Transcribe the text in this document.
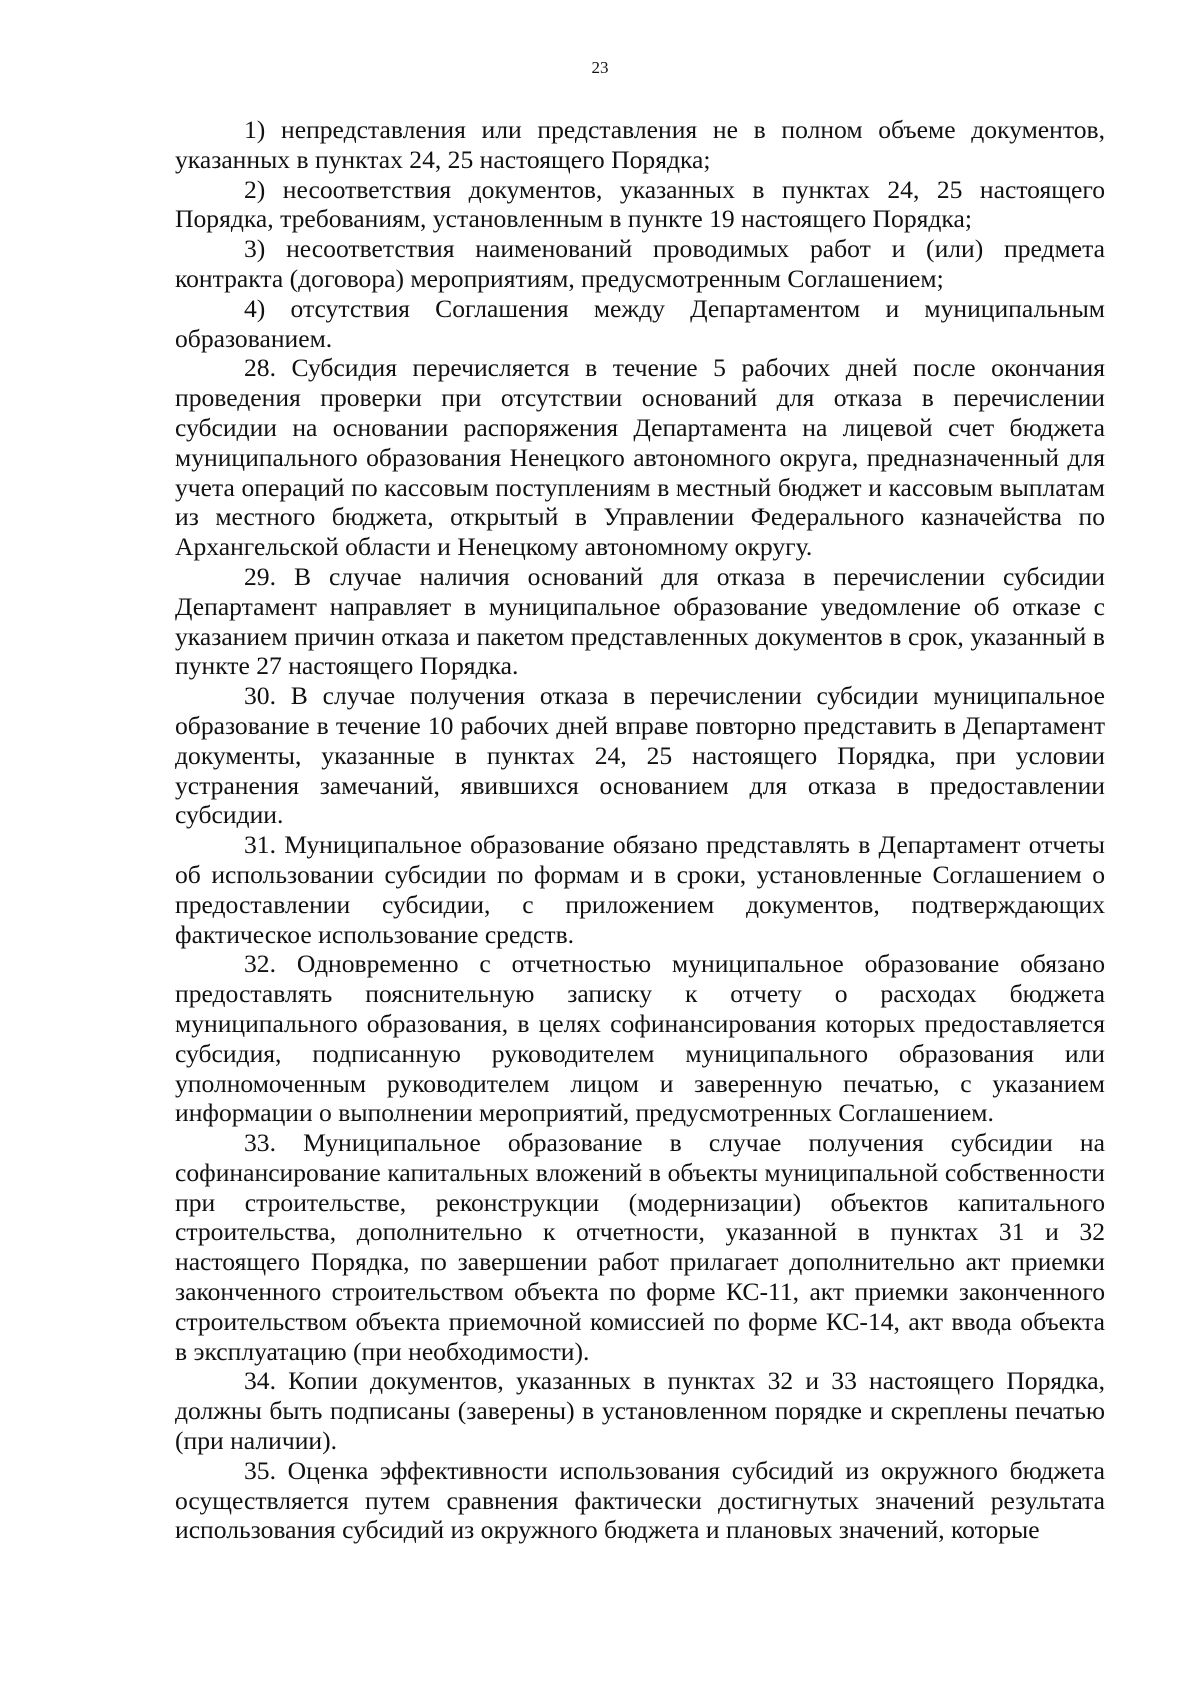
23

1) непредставления или представления не в полном объеме документов, указанных в пунктах 24, 25 настоящего Порядка;

2) несоответствия документов, указанных в пунктах 24, 25 настоящего Порядка, требованиям, установленным в пункте 19 настоящего Порядка;

3) несоответствия наименований проводимых работ и (или) предмета контракта (договора) мероприятиям, предусмотренным Соглашением;

4) отсутствия Соглашения между Департаментом и муниципальным образованием.

28. Субсидия перечисляется в течение 5 рабочих дней после окончания проведения проверки при отсутствии оснований для отказа в перечислении субсидии на основании распоряжения Департамента на лицевой счет бюджета муниципального образования Ненецкого автономного округа, предназначенный для учета операций по кассовым поступлениям в местный бюджет и кассовым выплатам из местного бюджета, открытый в Управлении Федерального казначейства по Архангельской области и Ненецкому автономному округу.

29. В случае наличия оснований для отказа в перечислении субсидии Департамент направляет в муниципальное образование уведомление об отказе с указанием причин отказа и пакетом представленных документов в срок, указанный в пункте 27 настоящего Порядка.

30. В случае получения отказа в перечислении субсидии муниципальное образование в течение 10 рабочих дней вправе повторно представить в Департамент документы, указанные в пунктах 24, 25 настоящего Порядка, при условии устранения замечаний, явившихся основанием для отказа в предоставлении субсидии.

31. Муниципальное образование обязано представлять в Департамент отчеты об использовании субсидии по формам и в сроки, установленные Соглашением о предоставлении субсидии, с приложением документов, подтверждающих фактическое использование средств.

32. Одновременно с отчетностью муниципальное образование обязано предоставлять пояснительную записку к отчету о расходах бюджета муниципального образования, в целях софинансирования которых предоставляется субсидия, подписанную руководителем муниципального образования или уполномоченным руководителем лицом и заверенную печатью, с указанием информации о выполнении мероприятий, предусмотренных Соглашением.

33. Муниципальное образование в случае получения субсидии на софинансирование капитальных вложений в объекты муниципальной собственности при строительстве, реконструкции (модернизации) объектов капитального строительства, дополнительно к отчетности, указанной в пунктах 31 и 32 настоящего Порядка, по завершении работ прилагает дополнительно акт приемки законченного строительством объекта по форме КС-11, акт приемки законченного строительством объекта приемочной комиссией по форме КС-14, акт ввода объекта в эксплуатацию (при необходимости).

34. Копии документов, указанных в пунктах 32 и 33 настоящего Порядка, должны быть подписаны (заверены) в установленном порядке и скреплены печатью (при наличии).

35. Оценка эффективности использования субсидий из окружного бюджета осуществляется путем сравнения фактически достигнутых значений результата использования субсидий из окружного бюджета и плановых значений, которые
